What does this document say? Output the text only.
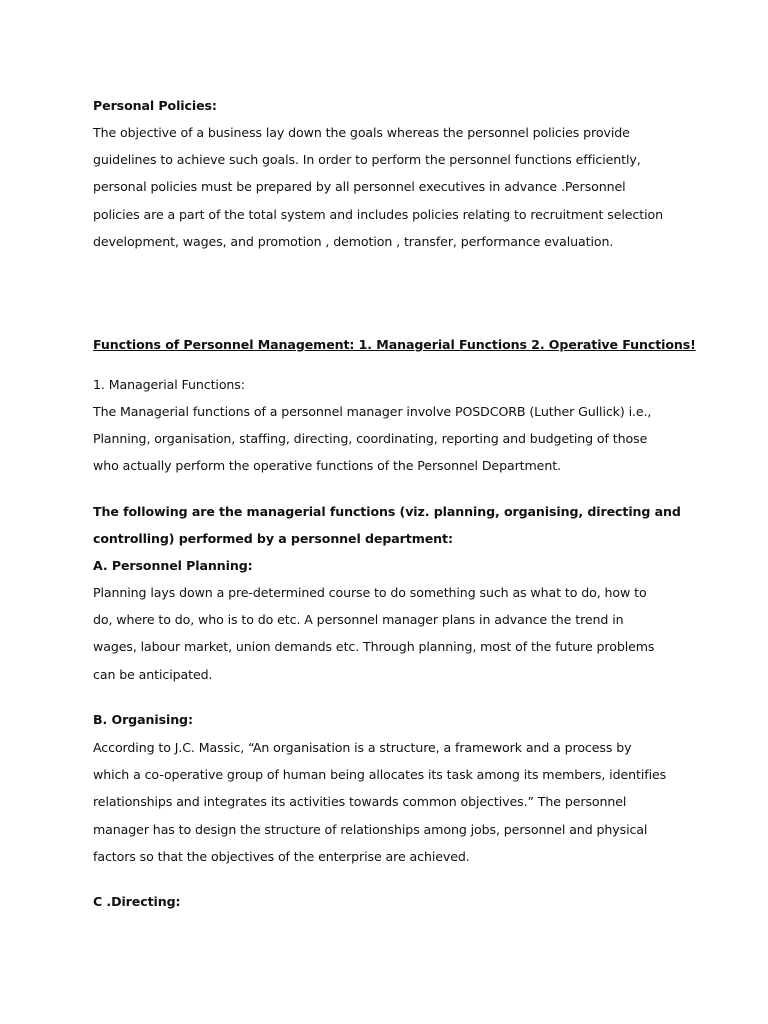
Personal Policies:

The objective of a business lay down the goals whereas the personnel policies provide

guidelines to achieve such goals. In order to perform the personnel functions efficiently,

personal policies must be prepared by all personnel executives in advance .Personnel

policies are a part of the total system and includes policies relating to recruitment selection

development, wages, and promotion , demotion , transfer, performance evaluation.

Functions of Personnel Management: 1. Managerial Functions 2. Operative Functions!

1. Managerial Functions:

The Managerial functions of a personnel manager involve POSDCORB (Luther Gullick) i.e.,

Planning, organisation, staffing, directing, coordinating, reporting and budgeting of those

who actually perform the operative functions of the Personnel Department.

The following are the managerial functions (viz. planning, organising, directing and

controlling) performed by a personnel department:

A. Personnel Planning:

Planning lays down a pre-determined course to do something such as what to do, how to

do, where to do, who is to do etc. A personnel manager plans in advance the trend in

wages, labour market, union demands etc. Through planning, most of the future problems

can be anticipated.

B. Organising:

According to J.C. Massic, “An organisation is a structure, a framework and a process by

which a co-operative group of human being allocates its task among its members, identifies

relationships and integrates its activities towards common objectives.” The personnel

manager has to design the structure of relationships among jobs, personnel and physical

factors so that the objectives of the enterprise are achieved.

C .Directing:
